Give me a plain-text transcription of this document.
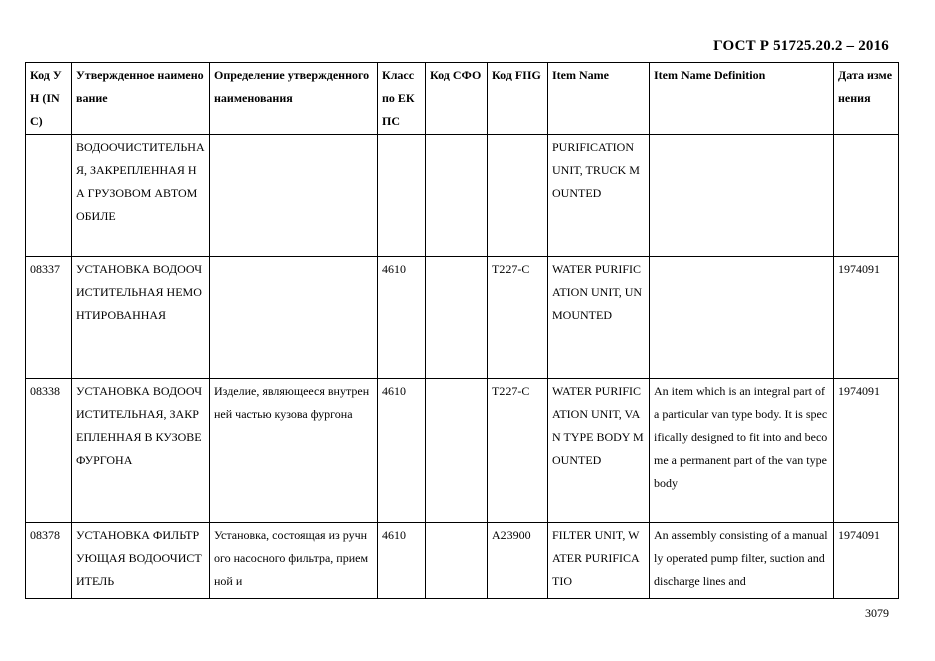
ГОСТ Р 51725.20.2 – 2016
Код УН (INC)	Утвержденное наименование	Определение утвержденного наименования	Класс по ЕКПС	Код СФО	Код FIIG	Item Name	Item Name Definition	Дата изменения
	ВОДООЧИСТИТЕЛЬНАЯ, ЗАКРЕПЛЕННАЯ НА ГРУЗОВОМ АВТОМОБИЛЕ					PURIFICATION UNIT, TRUCK MOUNTED		
08337	УСТАНОВКА ВОДООЧИСТИТЕЛЬНАЯ НЕМОНТИРОВАННАЯ		4610		T227-C	WATER PURIFICATION UNIT, UNMOUNTED		1974091
08338	УСТАНОВКА ВОДООЧИСТИТЕЛЬНАЯ, ЗАКРЕПЛЕННАЯ В КУЗОВЕ ФУРГОНА	Изделие, являющееся внутренней частью кузова фургона	4610		T227-C	WATER PURIFICATION UNIT, VAN TYPE BODY MOUNTED	An item which is an integral part of a particular van type body. It is specifically designed to fit into and become a permanent part of the van type body	1974091
08378	УСТАНОВКА ФИЛЬТРУЮЩАЯ ВОДООЧИСТИТЕЛЬ	Установка, состоящая из ручного насосного фильтра, приемной и	4610		A23900	FILTER UNIT, WATER PURIFICATIO	An assembly consisting of a manually operated pump filter, suction and discharge lines and	1974091
3079
